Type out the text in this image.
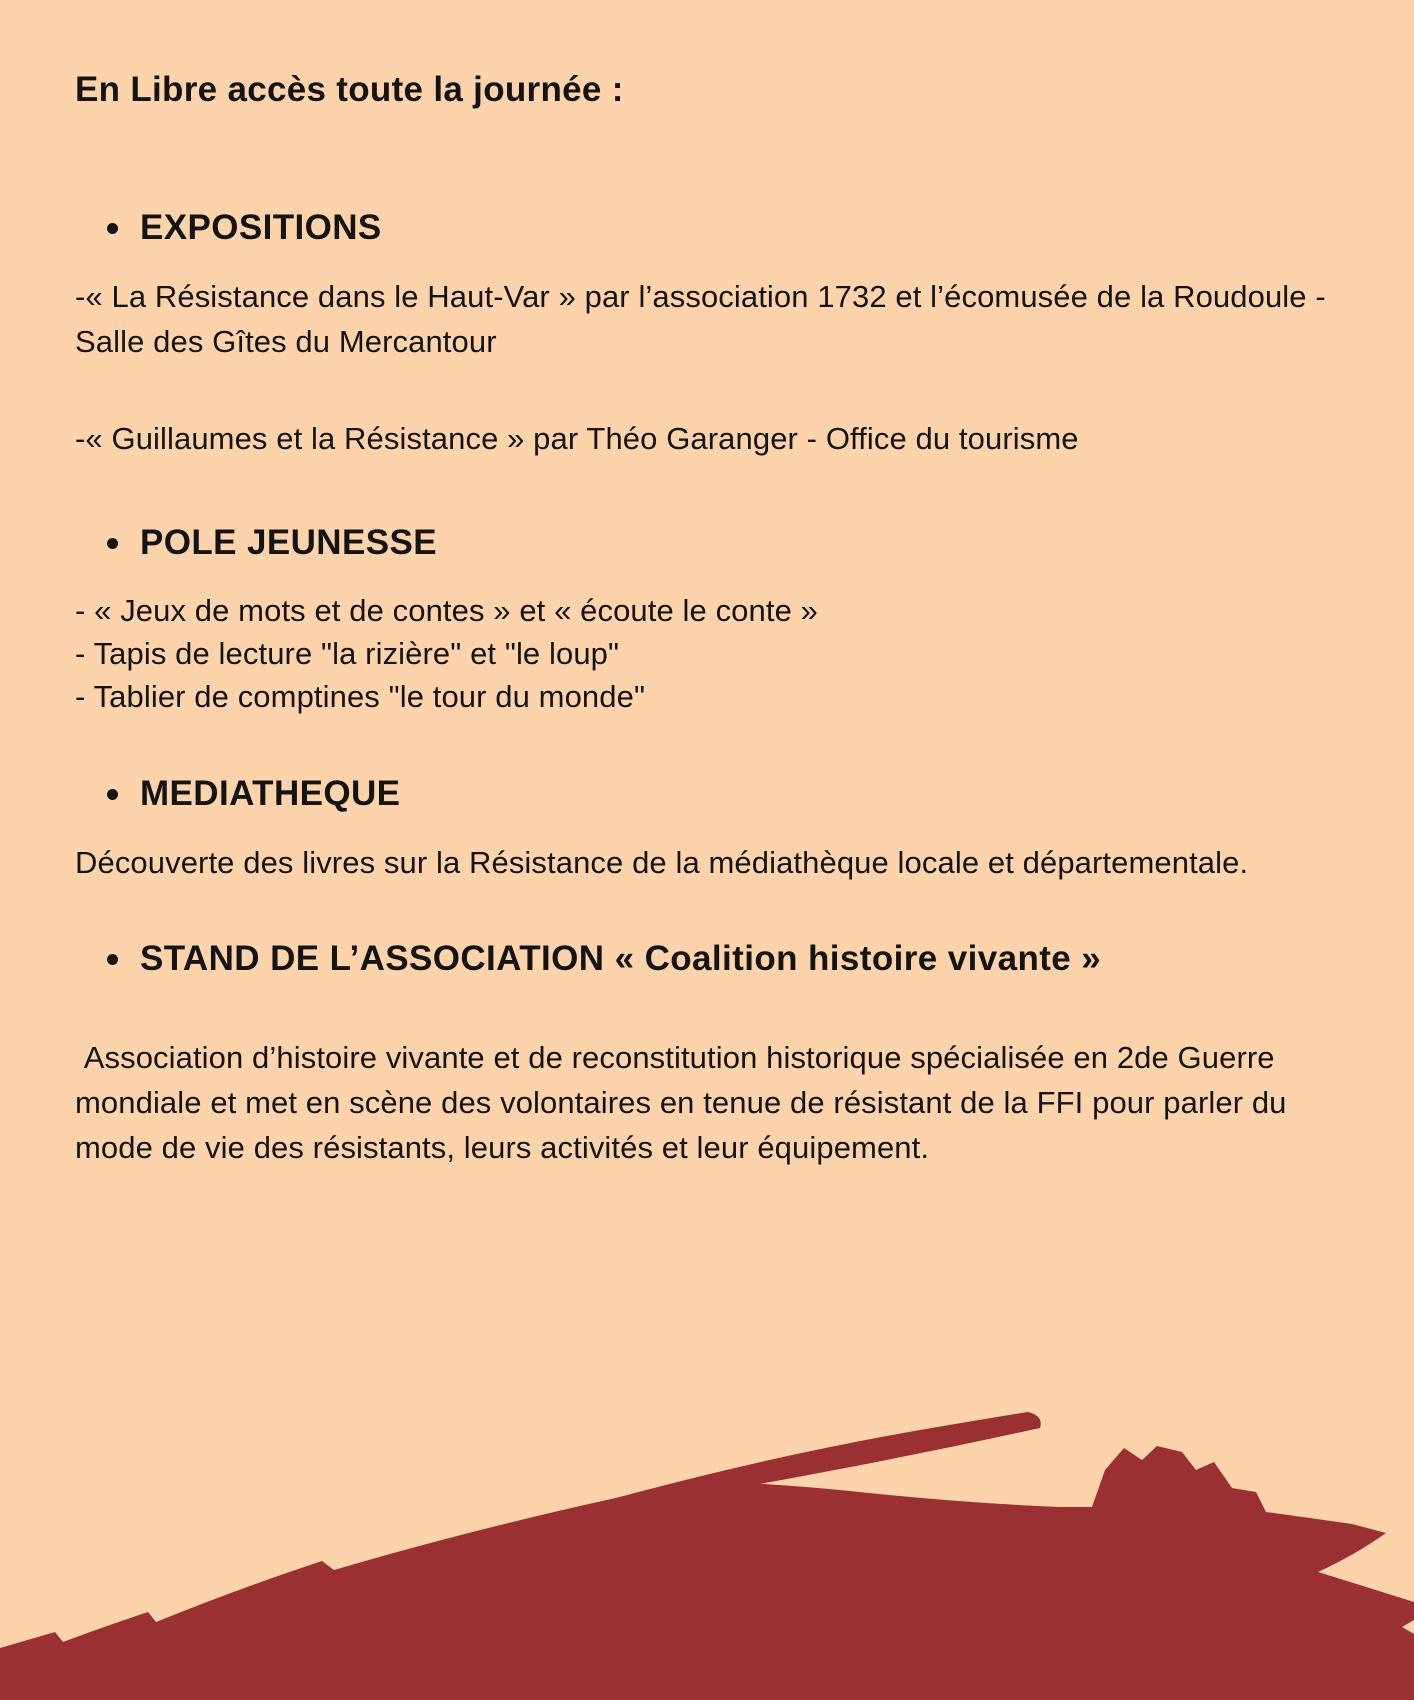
En Libre accès toute la journée :
EXPOSITIONS

-« La Résistance dans le Haut-Var » par l’association 1732 et l’écomusée de la Roudoule - Salle des Gîtes du Mercantour

-« Guillaumes et la Résistance » par Théo Garanger - Office du tourisme

POLE JEUNESSE

- « Jeux de mots et de contes » et « écoute le conte »

- Tapis de lecture "la rizière" et "le loup"

- Tablier de comptines "le tour du monde"

MEDIATHEQUE

Découverte des livres sur la Résistance de la médiathèque locale et départementale.

STAND DE L’ASSOCIATION « Coalition histoire vivante »

Association d’histoire vivante et de reconstitution historique spécialisée en 2de Guerre mondiale et met en scène des volontaires en tenue de résistant de la FFI pour parler du mode de vie des résistants, leurs activités et leur équipement.
